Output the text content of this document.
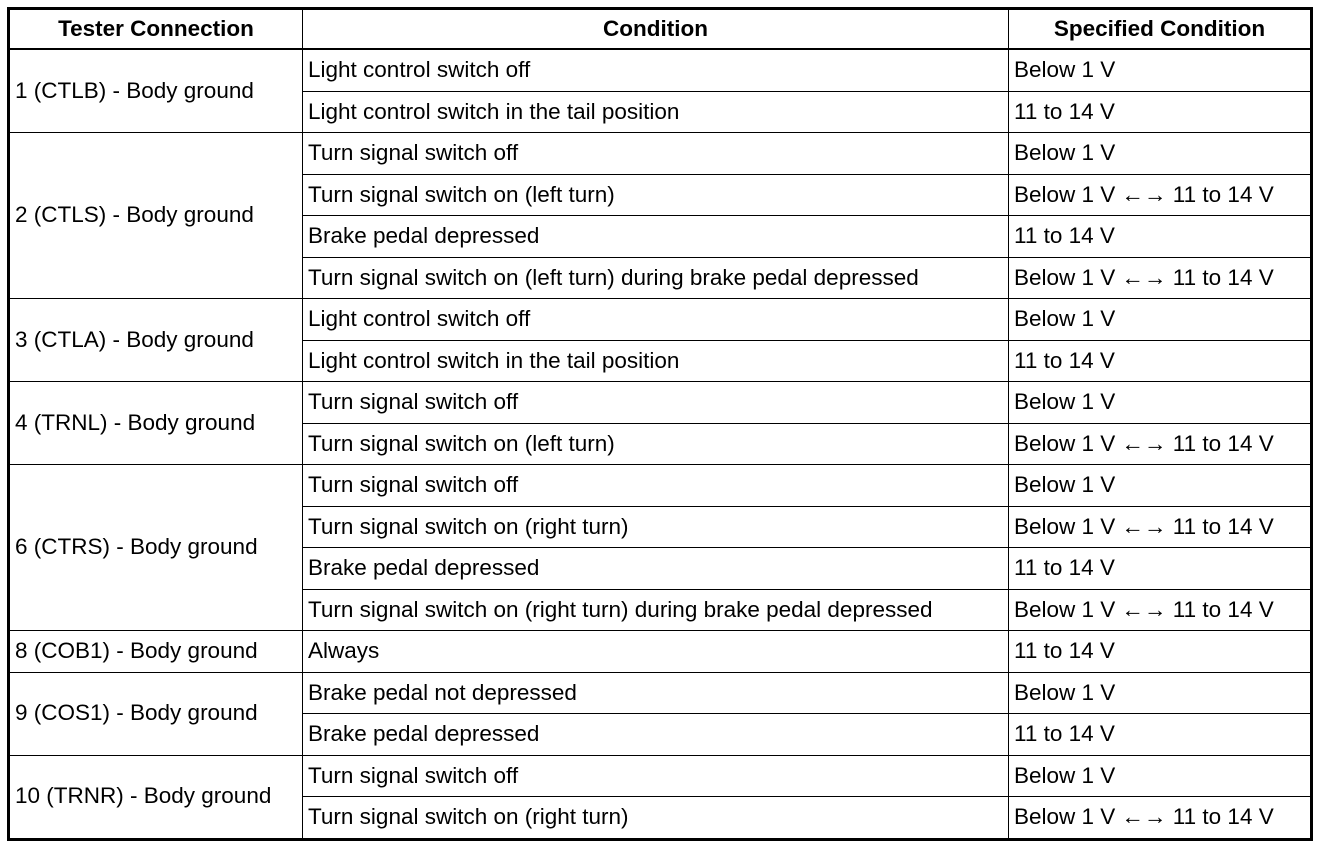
Tester Connection	Condition	Specified Condition
1 (CTLB) - Body ground	Light control switch off	Below 1 V
	Light control switch in the tail position	11 to 14 V
2 (CTLS) - Body ground	Turn signal switch off	Below 1 V
	Turn signal switch on (left turn)	Below 1 V ←→ 11 to 14 V
	Brake pedal depressed	11 to 14 V
	Turn signal switch on (left turn) during brake pedal depressed	Below 1 V ←→ 11 to 14 V
3 (CTLA) - Body ground	Light control switch off	Below 1 V
	Light control switch in the tail position	11 to 14 V
4 (TRNL) - Body ground	Turn signal switch off	Below 1 V
	Turn signal switch on (left turn)	Below 1 V ←→ 11 to 14 V
6 (CTRS) - Body ground	Turn signal switch off	Below 1 V
	Turn signal switch on (right turn)	Below 1 V ←→ 11 to 14 V
	Brake pedal depressed	11 to 14 V
	Turn signal switch on (right turn) during brake pedal depressed	Below 1 V ←→ 11 to 14 V
8 (COB1) - Body ground	Always	11 to 14 V
9 (COS1) - Body ground	Brake pedal not depressed	Below 1 V
	Brake pedal depressed	11 to 14 V
10 (TRNR) - Body ground	Turn signal switch off	Below 1 V
	Turn signal switch on (right turn)	Below 1 V ←→ 11 to 14 V
